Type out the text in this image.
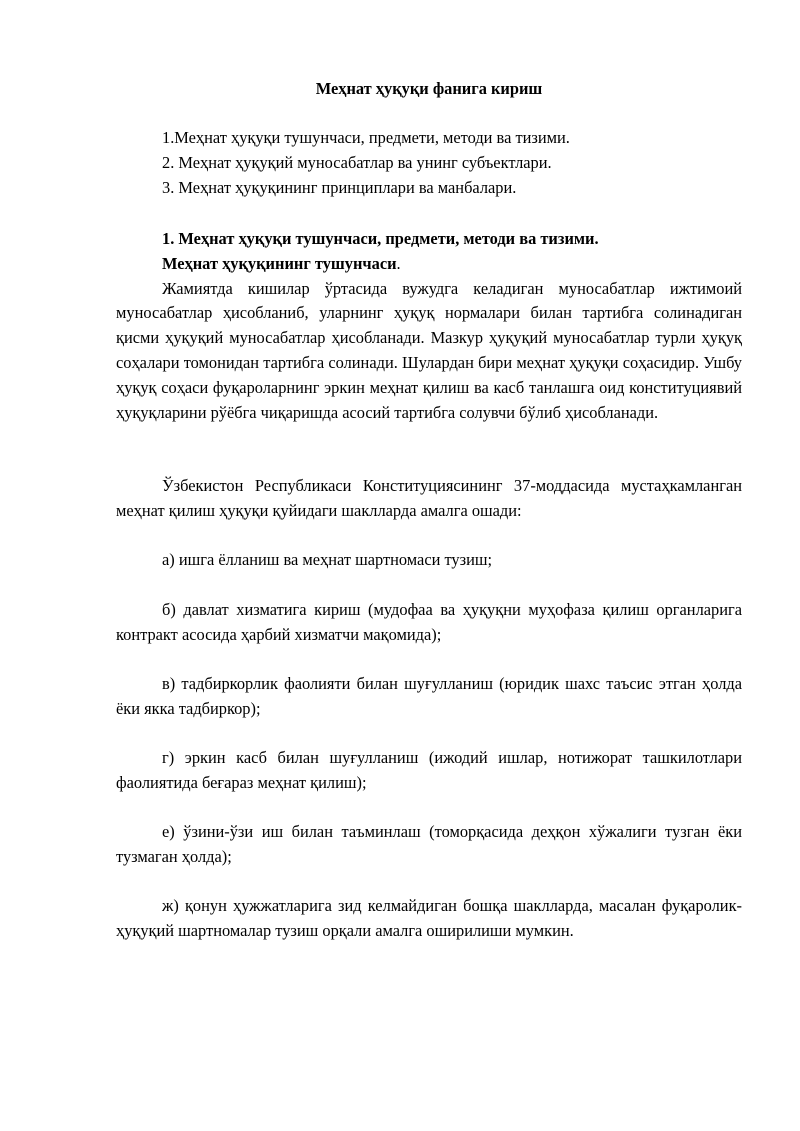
Меҳнат ҳуқуқи фанига кириш
1.Меҳнат ҳуқуқи тушунчаси, предмети, методи ва тизими.
2. Меҳнат ҳуқуқий муносабатлар ва унинг субъектлари.
3. Меҳнат ҳуқуқининг принциплари ва манбалари.
1. Меҳнат ҳуқуқи тушунчаси, предмети, методи ва тизими.

Меҳнат ҳуқуқининг тушунчаси.

Жамиятда кишилар ўртасида вужудга келадиган муносабатлар ижтимоий муносабатлар ҳисобланиб, уларнинг ҳуқуқ нормалари билан тартибга солинадиган қисми ҳуқуқий муносабатлар ҳисобланади. Мазкур ҳуқуқий муносабатлар турли ҳуқуқ соҳалари томонидан тартибга солинади. Шулардан бири меҳнат ҳуқуқи соҳасидир. Ушбу ҳуқуқ соҳаси фуқароларнинг эркин меҳнат қилиш ва касб танлашга оид конституциявий ҳуқуқларини рўёбга чиқаришда асосий тартибга солувчи бўлиб ҳисобланади.

Ўзбекистон Республикаси Конституциясининг 37-моддасида мустаҳкамланган меҳнат қилиш ҳуқуқи қуйидаги шаклларда амалга ошади:

а) ишга ёлланиш ва меҳнат шартномаси тузиш;

б) давлат хизматига кириш (мудофаа ва ҳуқуқни муҳофаза қилиш органларига контракт асосида ҳарбий хизматчи мақомида);

в) тадбиркорлик фаолияти билан шуғулланиш (юридик шахс таъсис этган ҳолда ёки якка тадбиркор);

г) эркин касб билан шуғулланиш (ижодий ишлар, нотижорат ташкилотлари фаолиятида беғараз меҳнат қилиш);

е) ўзини-ўзи иш билан таъминлаш (томорқасида деҳқон хўжалиги тузган ёки тузмаган ҳолда);

ж) қонун ҳужжатларига зид келмайдиган бошқа шаклларда, масалан фуқаролик-ҳуқуқий шартномалар тузиш орқали амалга оширилиши мумкин.
